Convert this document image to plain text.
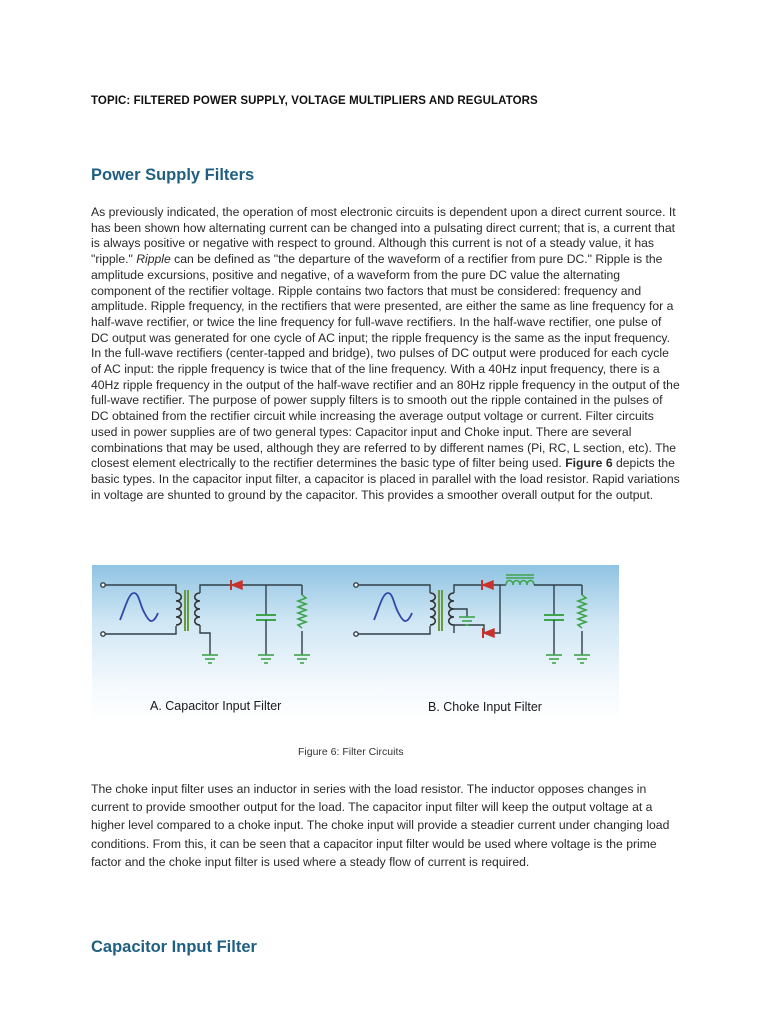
TOPIC: FILTERED POWER SUPPLY, VOLTAGE MULTIPLIERS AND REGULATORS

Power Supply Filters

As previously indicated, the operation of most electronic circuits is dependent upon a direct current source. It has been shown how alternating current can be changed into a pulsating direct current; that is, a current that is always positive or negative with respect to ground. Although this current is not of a steady value, it has "ripple." Ripple can be defined as "the departure of the waveform of a rectifier from pure DC." Ripple is the amplitude excursions, positive and negative, of a waveform from the pure DC value the alternating component of the rectifier voltage. Ripple contains two factors that must be considered: frequency and amplitude. Ripple frequency, in the rectifiers that were presented, are either the same as line frequency for a half-wave rectifier, or twice the line frequency for full-wave rectifiers. In the half-wave rectifier, one pulse of DC output was generated for one cycle of AC input; the ripple frequency is the same as the input frequency. In the full-wave rectifiers (center-tapped and bridge), two pulses of DC output were produced for each cycle of AC input: the ripple frequency is twice that of the line frequency. With a 40Hz input frequency, there is a 40Hz ripple frequency in the output of the half-wave rectifier and an 80Hz ripple frequency in the output of the full-wave rectifier. The purpose of power supply filters is to smooth out the ripple contained in the pulses of DC obtained from the rectifier circuit while increasing the average output voltage or current. Filter circuits used in power supplies are of two general types: Capacitor input and Choke input. There are several combinations that may be used, although they are referred to by different names (Pi, RC, L section, etc). The closest element electrically to the rectifier determines the basic type of filter being used. Figure 6 depicts the basic types. In the capacitor input filter, a capacitor is placed in parallel with the load resistor. Rapid variations in voltage are shunted to ground by the capacitor. This provides a smoother overall output for the output.

A. Capacitor Input Filter	B. Choke Input Filter

Figure 6: Filter Circuits

The choke input filter uses an inductor in series with the load resistor. The inductor opposes changes in current to provide smoother output for the load. The capacitor input filter will keep the output voltage at a higher level compared to a choke input. The choke input will provide a steadier current under changing load conditions. From this, it can be seen that a capacitor input filter would be used where voltage is the prime factor and the choke input filter is used where a steady flow of current is required.

Capacitor Input Filter
